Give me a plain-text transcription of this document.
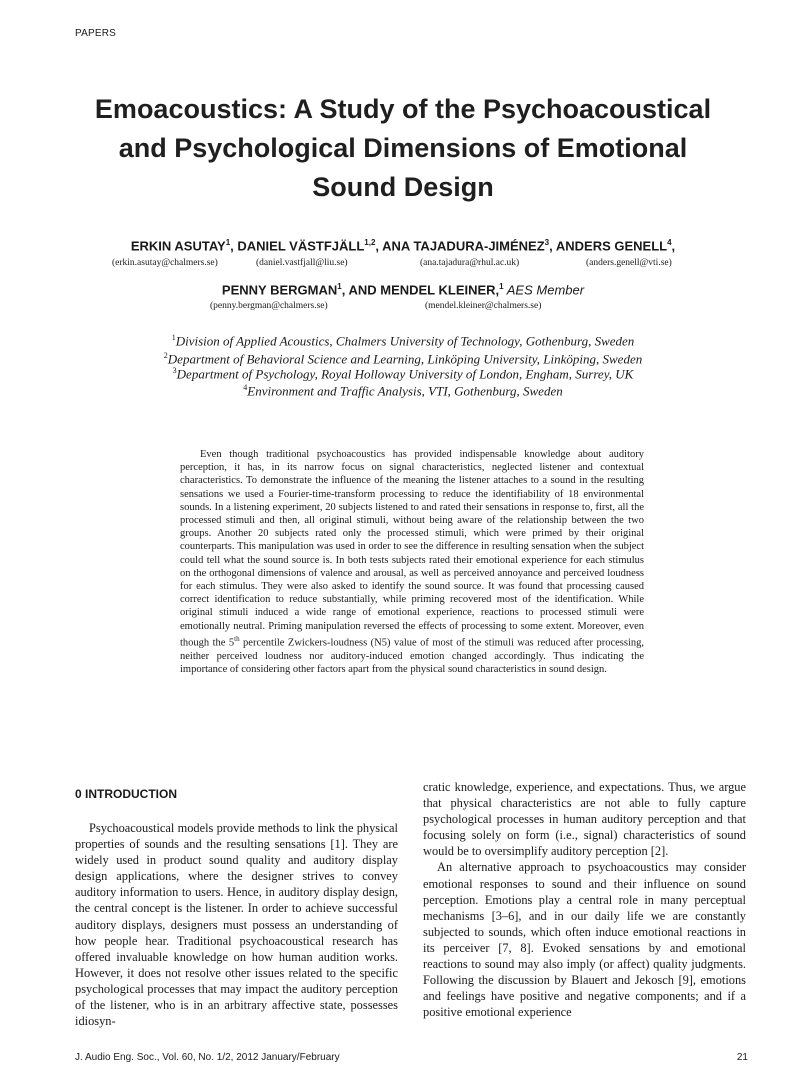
PAPERS
Emoacoustics: A Study of the Psychoacoustical
and Psychological Dimensions of Emotional
Sound Design
ERKIN ASUTAY$^1$, DANIEL VÄSTFJÄLL$^{1,2}$, ANA TAJADURA-JIMÉNEZ$^3$, ANDERS GENELL$^4$,
(erkin.asutay@chalmers.se)	(daniel.vastfjall@liu.se)	(ana.tajadura@rhul.ac.uk)	(anders.genell@vti.se)
PENNY BERGMAN$^1$, AND MENDEL KLEINER,$^1$ AES Member
(penny.bergman@chalmers.se)	(mendel.kleiner@chalmers.se)
$^1$Division of Applied Acoustics, Chalmers University of Technology, Gothenburg, Sweden
$^2$Department of Behavioral Science and Learning, Linköping University, Linköping, Sweden
$^3$Department of Psychology, Royal Holloway University of London, Engham, Surrey, UK
$^4$Environment and Traffic Analysis, VTI, Gothenburg, Sweden

Even though traditional psychoacoustics has provided indispensable knowledge about auditory perception, it has, in its narrow focus on signal characteristics, neglected listener and contextual characteristics. To demonstrate the influence of the meaning the listener attaches to a sound in the resulting sensations we used a Fourier-time-transform processing to reduce the identifiability of 18 environmental sounds. In a listening experiment, 20 subjects listened to and rated their sensations in response to, first, all the processed stimuli and then, all original stimuli, without being aware of the relationship between the two groups. Another 20 subjects rated only the processed stimuli, which were primed by their original counterparts. This manipulation was used in order to see the difference in resulting sensation when the subject could tell what the sound source is. In both tests subjects rated their emotional experience for each stimulus on the orthogonal dimensions of valence and arousal, as well as perceived annoyance and perceived loudness for each stimulus. They were also asked to identify the sound source. It was found that processing caused correct identification to reduce substantially, while priming recovered most of the identification. While original stimuli induced a wide range of emotional experience, reactions to processed stimuli were emotionally neutral. Priming manipulation reversed the effects of processing to some extent. Moreover, even though the 5th percentile Zwickers-loudness (N5) value of most of the stimuli was reduced after processing, neither perceived loudness nor auditory-induced emotion changed accordingly. Thus indicating the importance of considering other factors apart from the physical sound characteristics in sound design.

0 INTRODUCTION

Psychoacoustical models provide methods to link the physical properties of sounds and the resulting sensations [1]. They are widely used in product sound quality and auditory display design applications, where the designer strives to convey auditory information to users. Hence, in auditory display design, the central concept is the listener. In order to achieve successful auditory displays, designers must possess an understanding of how people hear. Traditional psychoacoustical research has offered invaluable knowledge on how human audition works. However, it does not resolve other issues related to the specific psychological processes that may impact the auditory perception of the listener, who is in an arbitrary affective state, possesses idiosyn-

cratic knowledge, experience, and expectations. Thus, we argue that physical characteristics are not able to fully capture psychological processes in human auditory perception and that focusing solely on form (i.e., signal) characteristics of sound would be to oversimplify auditory perception [2].

An alternative approach to psychoacoustics may consider emotional responses to sound and their influence on sound perception. Emotions play a central role in many perceptual mechanisms [3–6], and in our daily life we are constantly subjected to sounds, which often induce emotional reactions in its perceiver [7, 8]. Evoked sensations by and emotional reactions to sound may also imply (or affect) quality judgments. Following the discussion by Blauert and Jekosch [9], emotions and feelings have positive and negative components; and if a positive emotional experience

J. Audio Eng. Soc., Vol. 60, No. 1/2, 2012 January/February	21
